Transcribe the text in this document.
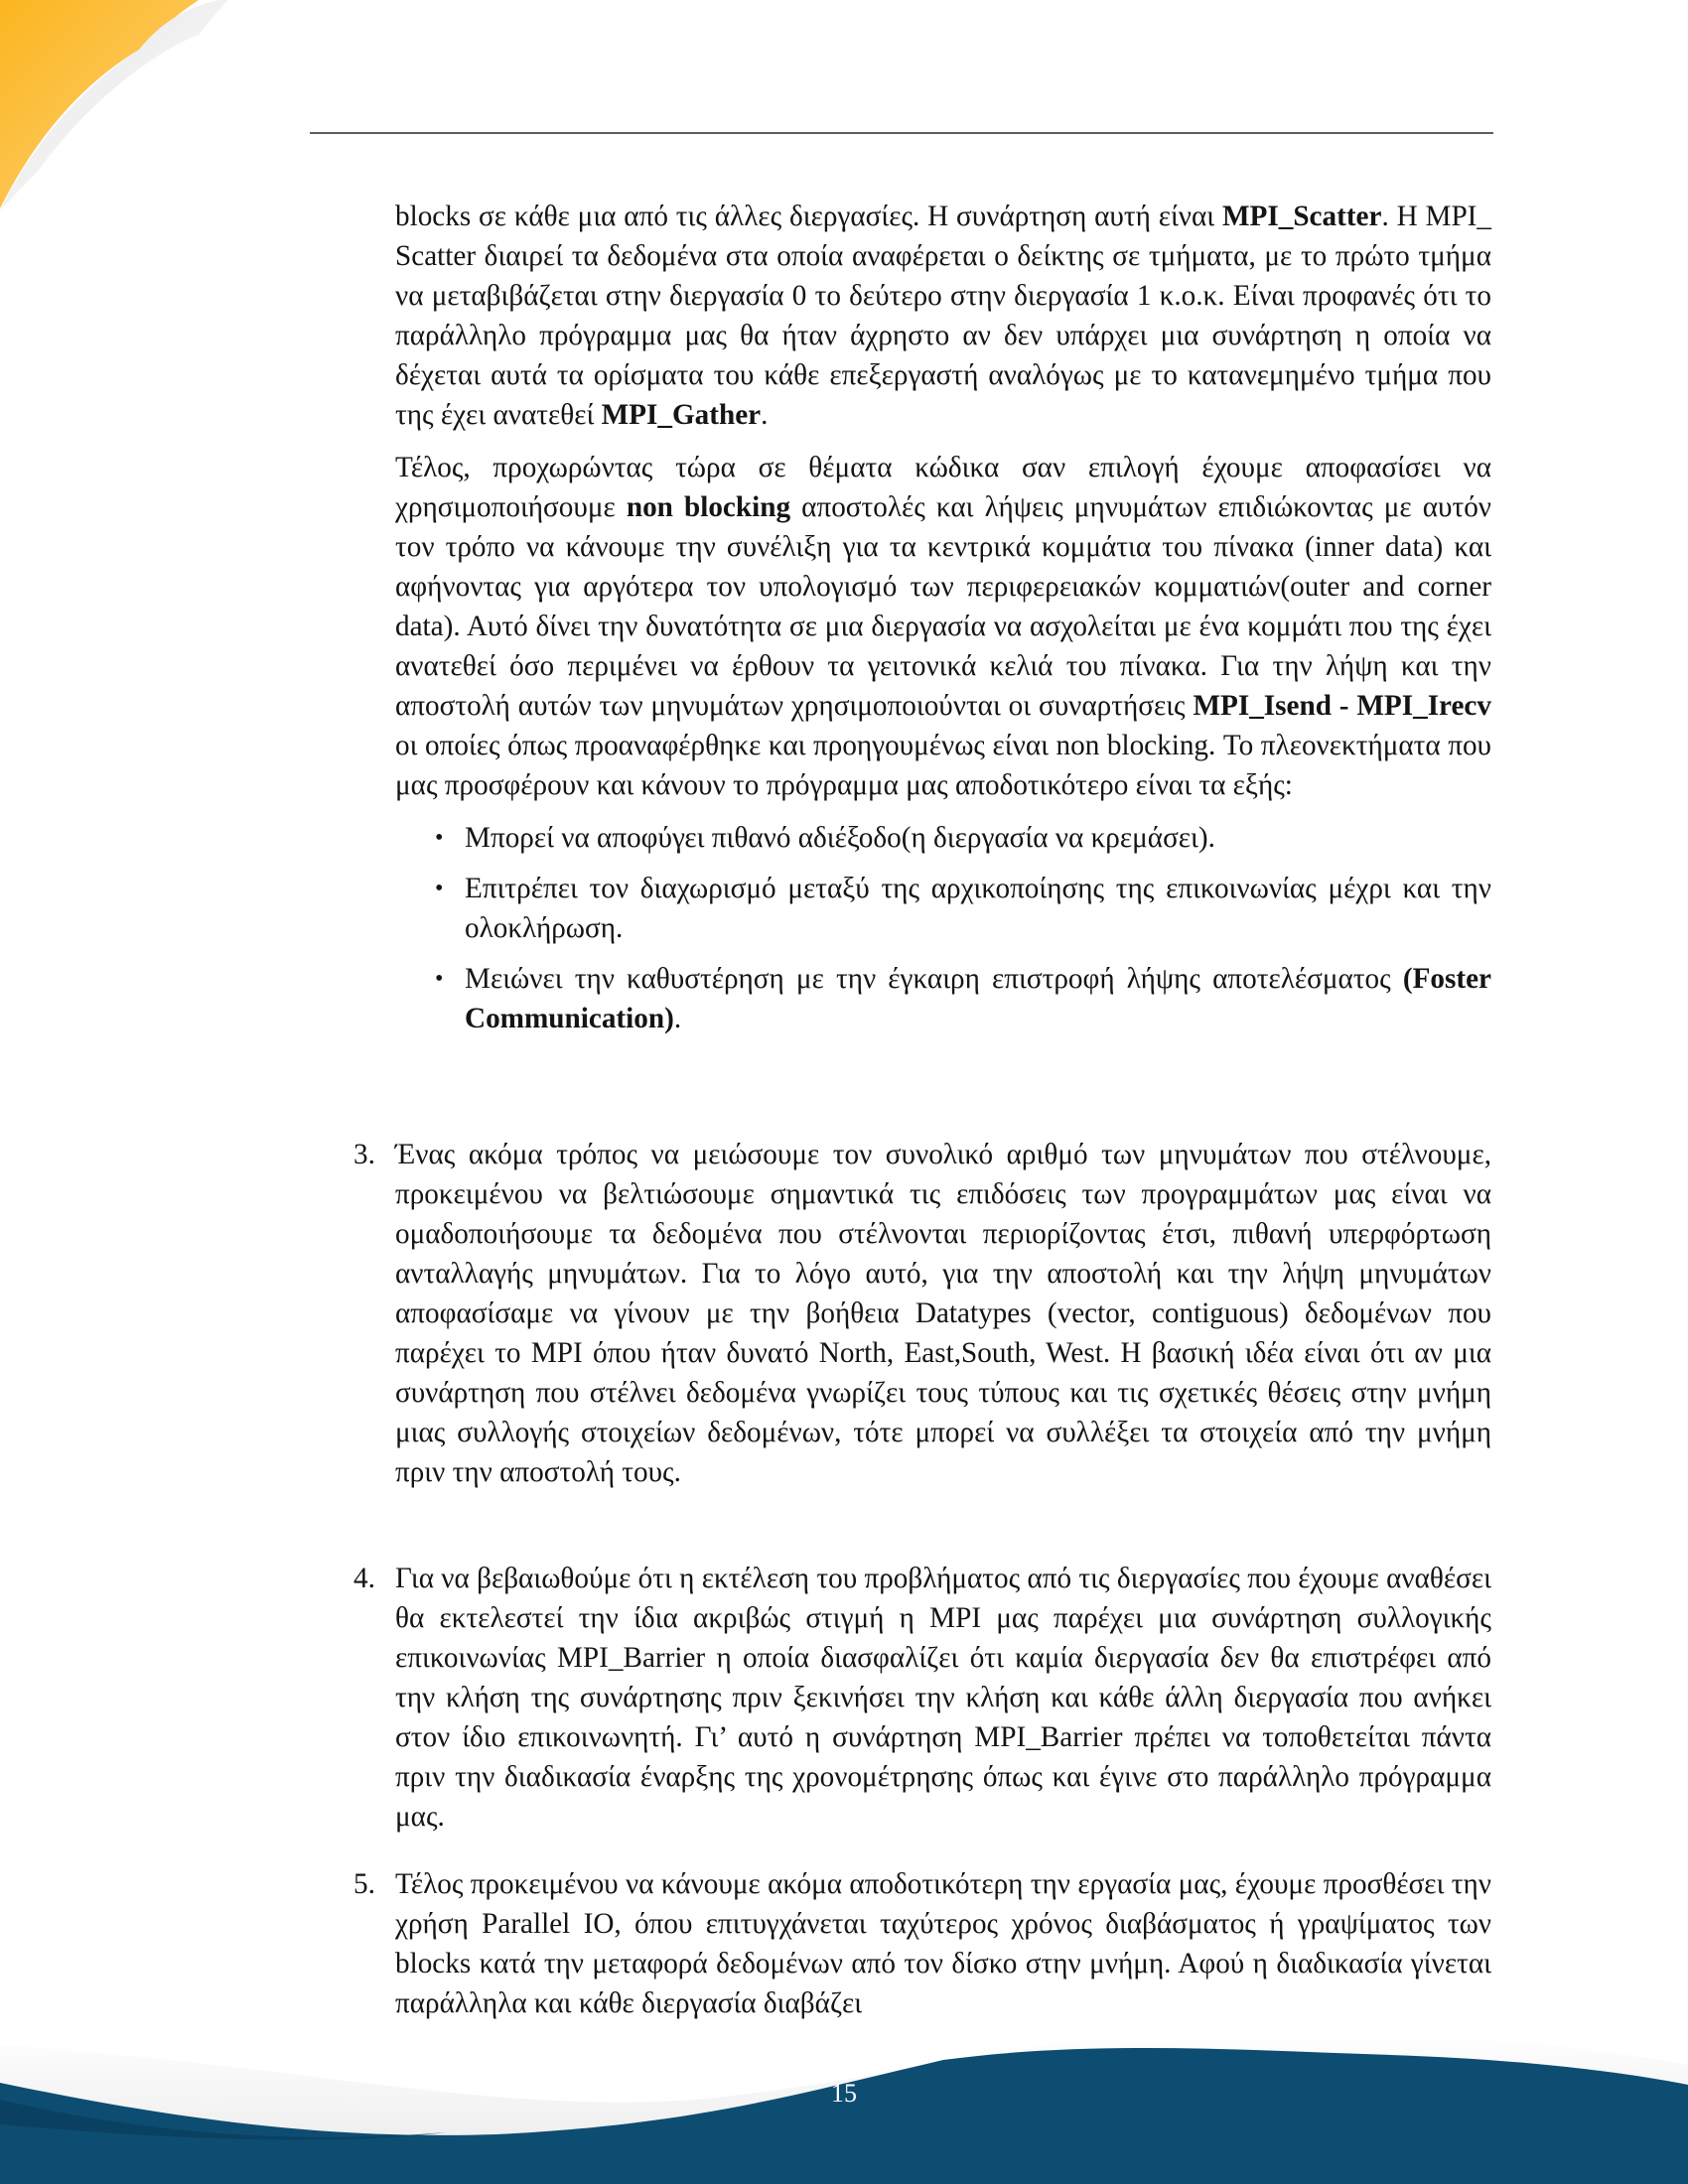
blocks σε κάθε μια από τις άλλες διεργασίες. Η συνάρτηση αυτή είναι MPI_Scatter. Η MPI_ Scatter διαιρεί τα δεδομένα στα οποία αναφέρεται ο δείκτης σε τμήματα, με το πρώτο τμήμα να μεταβιβάζεται στην διεργασία 0 το δεύτερο στην διεργασία 1 κ.ο.κ. Είναι προφανές ότι το παράλληλο πρόγραμμα μας θα ήταν άχρηστο αν δεν υπάρχει μια συνάρτηση η οποία να δέχεται αυτά τα ορίσματα του κάθε επεξεργαστή αναλόγως με το κατανεμημένο τμήμα που της έχει ανατεθεί MPI_Gather.

Τέλος, προχωρώντας τώρα σε θέματα κώδικα σαν επιλογή έχουμε αποφασίσει να χρησιμοποιήσουμε non blocking αποστολές και λήψεις μηνυμάτων επιδιώκοντας με αυτόν τον τρόπο να κάνουμε την συνέλιξη για τα κεντρικά κομμάτια του πίνακα (inner data) και αφήνοντας για αργότερα τον υπολογισμό των περιφερειακών κομματιών(outer and corner data). Αυτό δίνει την δυνατότητα σε μια διεργασία να ασχολείται με ένα κομμάτι που της έχει ανατεθεί όσο περιμένει να έρθουν τα γειτονικά κελιά του πίνακα. Για την λήψη και την αποστολή αυτών των μηνυμάτων χρησιμοποιούνται οι συναρτήσεις MPI_Isend - MPI_Irecv οι οποίες όπως προαναφέρθηκε και προηγουμένως είναι non blocking. Το πλεονεκτήματα που μας προσφέρουν και κάνουν το πρόγραμμα μας αποδοτικότερο είναι τα εξής:

• Μπορεί να αποφύγει πιθανό αδιέξοδο(η διεργασία να κρεμάσει).
• Επιτρέπει τον διαχωρισμό μεταξύ της αρχικοποίησης της επικοινωνίας μέχρι και την ολοκλήρωση.
• Μειώνει την καθυστέρηση με την έγκαιρη επιστροφή λήψης αποτελέσματος (Foster Communication).
3. Ένας ακόμα τρόπος να μειώσουμε τον συνολικό αριθμό των μηνυμάτων που στέλνουμε, προκειμένου να βελτιώσουμε σημαντικά τις επιδόσεις των προγραμμάτων μας είναι να ομαδοποιήσουμε τα δεδομένα που στέλνονται περιορίζοντας έτσι, πιθανή υπερφόρτωση ανταλλαγής μηνυμάτων. Για το λόγο αυτό, για την αποστολή και την λήψη μηνυμάτων αποφασίσαμε να γίνουν με την βοήθεια Datatypes (vector, contiguous) δεδομένων που παρέχει το MPI όπου ήταν δυνατό North, East,South, West. Η βασική ιδέα είναι ότι αν μια συνάρτηση που στέλνει δεδομένα γνωρίζει τους τύπους και τις σχετικές θέσεις στην μνήμη μιας συλλογής στοιχείων δεδομένων, τότε μπορεί να συλλέξει τα στοιχεία από την μνήμη πριν την αποστολή τους.
4. Για να βεβαιωθούμε ότι η εκτέλεση του προβλήματος από τις διεργασίες που έχουμε αναθέσει θα εκτελεστεί την ίδια ακριβώς στιγμή η MPI μας παρέχει μια συνάρτηση συλλογικής επικοινωνίας MPI_Barrier η οποία διασφαλίζει ότι καμία διεργασία δεν θα επιστρέφει από την κλήση της συνάρτησης πριν ξεκινήσει την κλήση και κάθε άλλη διεργασία που ανήκει στον ίδιο επικοινωνητή. Γι’ αυτό η συνάρτηση MPI_Barrier πρέπει να τοποθετείται πάντα πριν την διαδικασία έναρξης της χρονομέτρησης όπως και έγινε στο παράλληλο πρόγραμμα μας.
5. Τέλος προκειμένου να κάνουμε ακόμα αποδοτικότερη την εργασία μας, έχουμε προσθέσει την χρήση Parallel IO, όπου επιτυγχάνεται ταχύτερος χρόνος διαβάσματος ή γραψίματος των blocks κατά την μεταφορά δεδομένων από τον δίσκο στην μνήμη. Αφού η διαδικασία γίνεται παράλληλα και κάθε διεργασία διαβάζει
15
